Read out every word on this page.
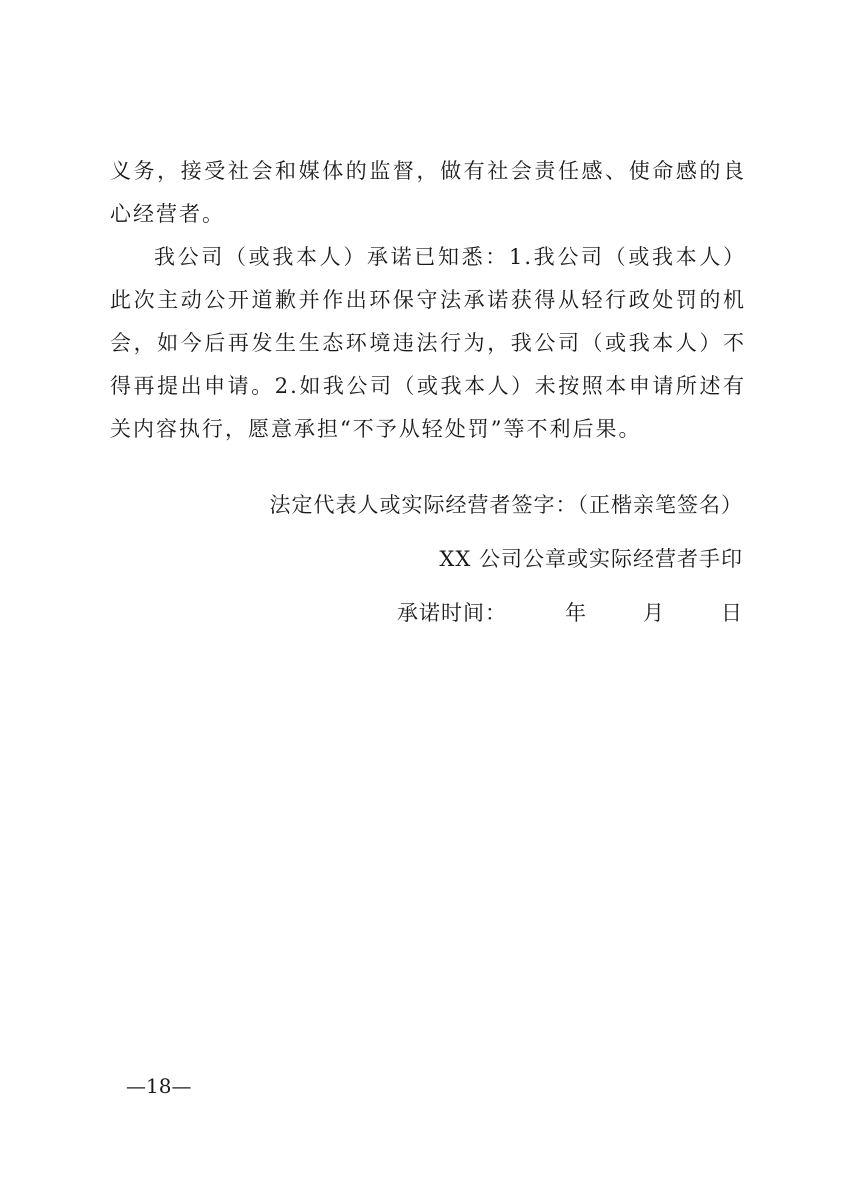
义务，接受社会和媒体的监督，做有社会责任感、使命感的良心经营者。

我公司（或我本人）承诺已知悉：1.我公司（或我本人）此次主动公开道歉并作出环保守法承诺获得从轻行政处罚的机会，如今后再发生生态环境违法行为，我公司（或我本人）不得再提出申请。2.如我公司（或我本人）未按照本申请所述有关内容执行，愿意承担“不予从轻处罚”等不利后果。

法定代表人或实际经营者签字：（正楷亲笔签名）
XX 公司公章或实际经营者手印
承诺时间：	年	月	日
—18—
